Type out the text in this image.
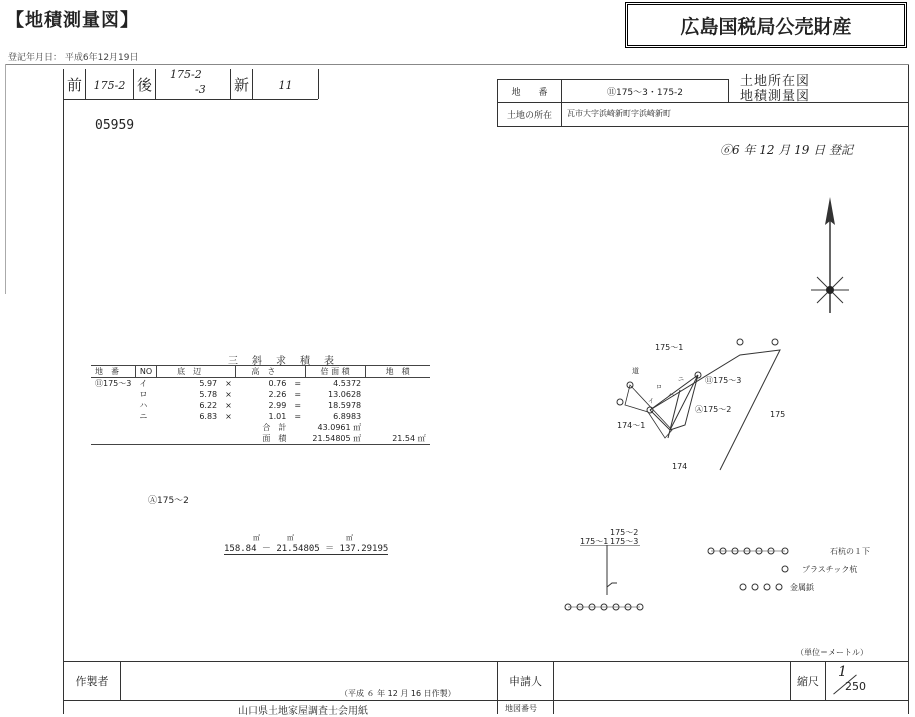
【地積測量図】	広島国税局公売財産
登記年月日： 平成6年12月19日
前	175-2 後
175-2
-3 新	11
地　　番	⑪175～3・175-2
土地の所在	瓦市大字浜崎新町字浜崎新町
土地所在図
地積測量図
05959
⑥6 年 12 月 19 日 登記
三　斜　求　積　表
地　番	NO	底　辺		高　さ		倍 面 積	地　積
⑪175～3	イ	5.97	×	0.76	=	4.5372	
	ロ	5.78	×	2.26	=	13.0628	
	ハ	6.22	×	2.99	=	18.5978	
	ニ	6.83	×	1.01	=	6.8983	
		合　計				43.0961 ㎡	
		面　積				21.54805 ㎡	21.54 ㎡
Ⓐ175～2
㎡	㎡	㎡
158.84 － 21.54805 ＝ 137.29195
175～1
⑪175～3
Ⓐ175～2
174～1
175
174
道
ロ
イ
ハ
ニ
175～2
175～1 175～3
石杭の１下
プラスチック杭
金属鋲
（単位＝メートル）
作製者
（平成 ６ 年 12 月 16 日作製）
申請人	縮尺
1
250
山口県土地家屋調査士会用紙	地図番号
